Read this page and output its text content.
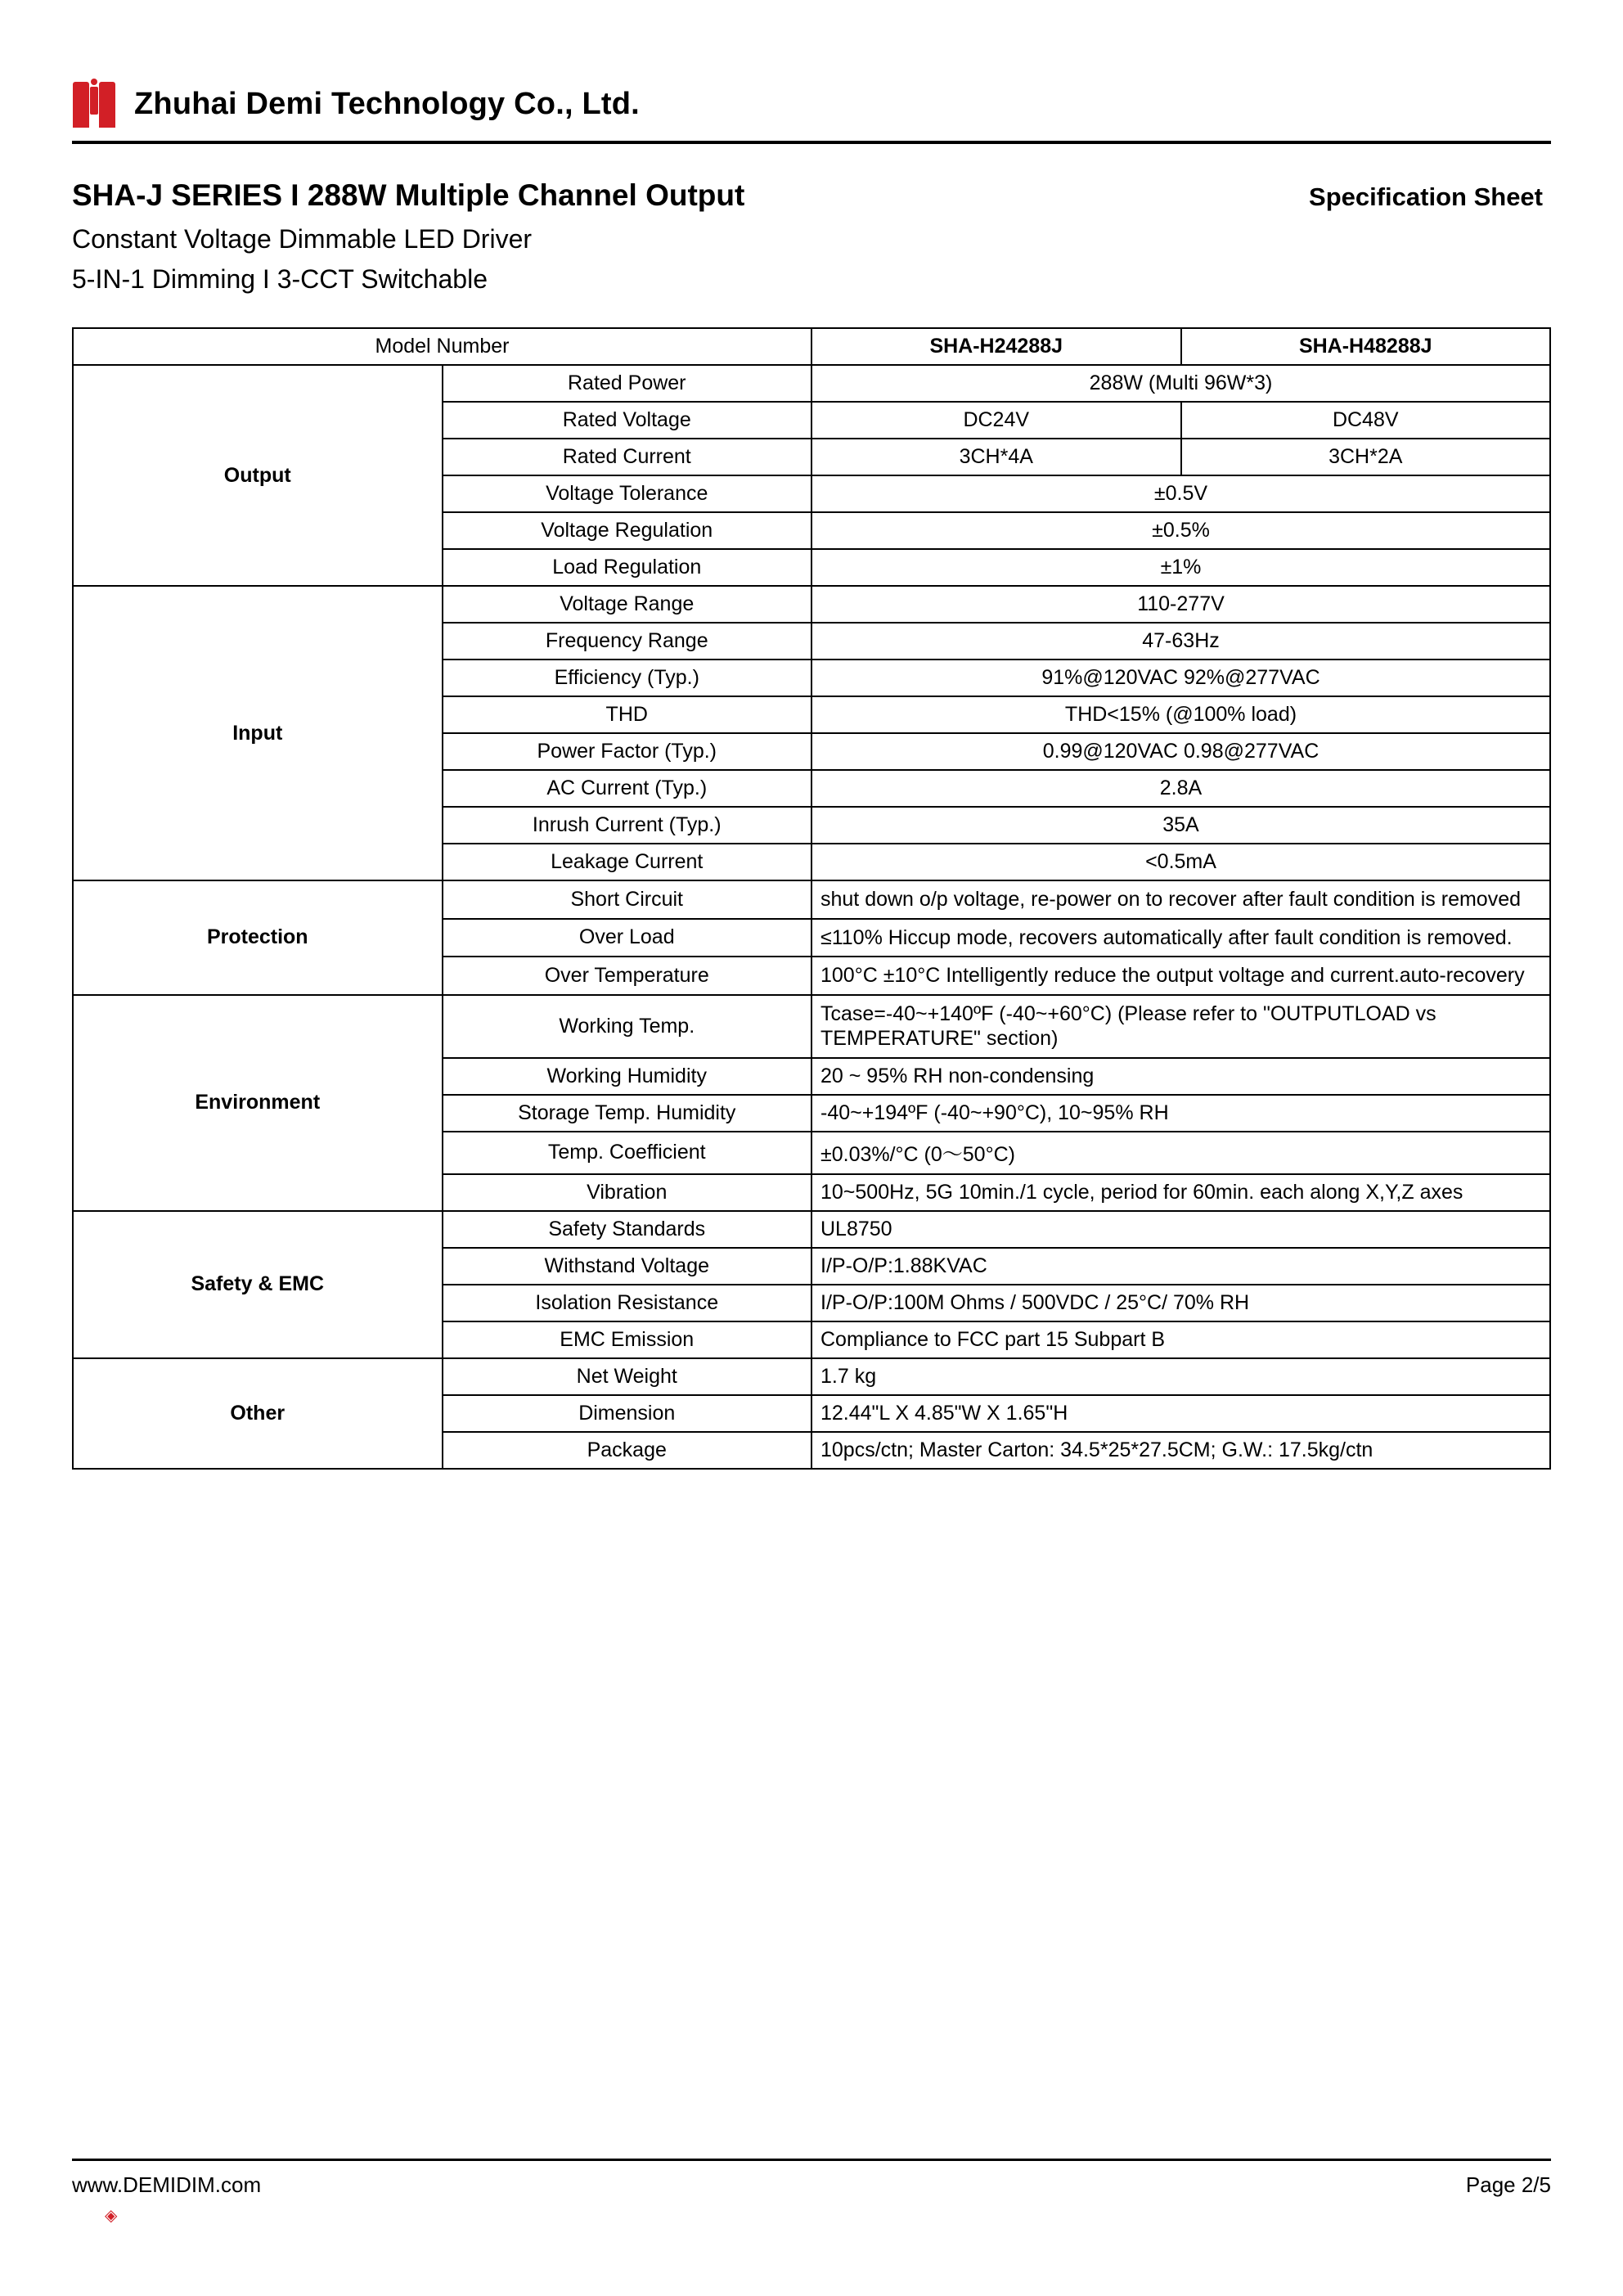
Zhuhai Demi Technology Co., Ltd.
SHA-J SERIES I 288W Multiple Channel Output	Specification Sheet
Constant Voltage Dimmable LED Driver
5-IN-1 Dimming I 3-CCT Switchable
Model Number		SHA-H24288J	SHA-H48288J
Output	Rated Power	288W (Multi 96W*3)	
	Rated Voltage	DC24V	DC48V
	Rated Current	3CH*4A	3CH*2A
	Voltage Tolerance	±0.5V	
	Voltage Regulation	±0.5%	
	Load Regulation	±1%	
Input	Voltage Range	110-277V	
	Frequency Range	47-63Hz	
	Efficiency (Typ.)	91%@120VAC 92%@277VAC	
	THD	THD<15% (@100% load)	
	Power Factor (Typ.)	0.99@120VAC 0.98@277VAC	
	AC Current (Typ.)	2.8A	
	Inrush Current (Typ.)	35A	
	Leakage Current	<0.5mA	
Protection	Short Circuit	shut down o/p voltage, re-power on to recover after fault condition is removed	
	Over Load	≤110% Hiccup mode, recovers automatically after fault condition is removed.	
	Over Temperature	100°C ±10°C Intelligently reduce the output voltage and current.auto-recovery	
Environment	Working Temp.	Tcase=-40~+140ºF (-40~+60°C) (Please refer to "OUTPUTLOAD vs TEMPERATURE" section)	
	Working Humidity	20 ~ 95% RH non-condensing	
	Storage Temp. Humidity	-40~+194ºF (-40~+90°C), 10~95% RH	
	Temp. Coefficient	±0.03%/°C (0～50°C)	
	Vibration	10~500Hz, 5G 10min./1 cycle, period for 60min. each along X,Y,Z axes	
Safety & EMC	Safety Standards	UL8750	
	Withstand Voltage	I/P-O/P:1.88KVAC	
	Isolation Resistance	I/P-O/P:100M Ohms / 500VDC / 25°C/ 70% RH	
	EMC Emission	Compliance to FCC part 15 Subpart B	
Other	Net Weight	1.7 kg	
	Dimension	12.44"L X 4.85"W X 1.65"H	
	Package	10pcs/ctn; Master Carton: 34.5*25*27.5CM; G.W.: 17.5kg/ctn	
www.DEMIDIM.com	Page 2/5
◈
